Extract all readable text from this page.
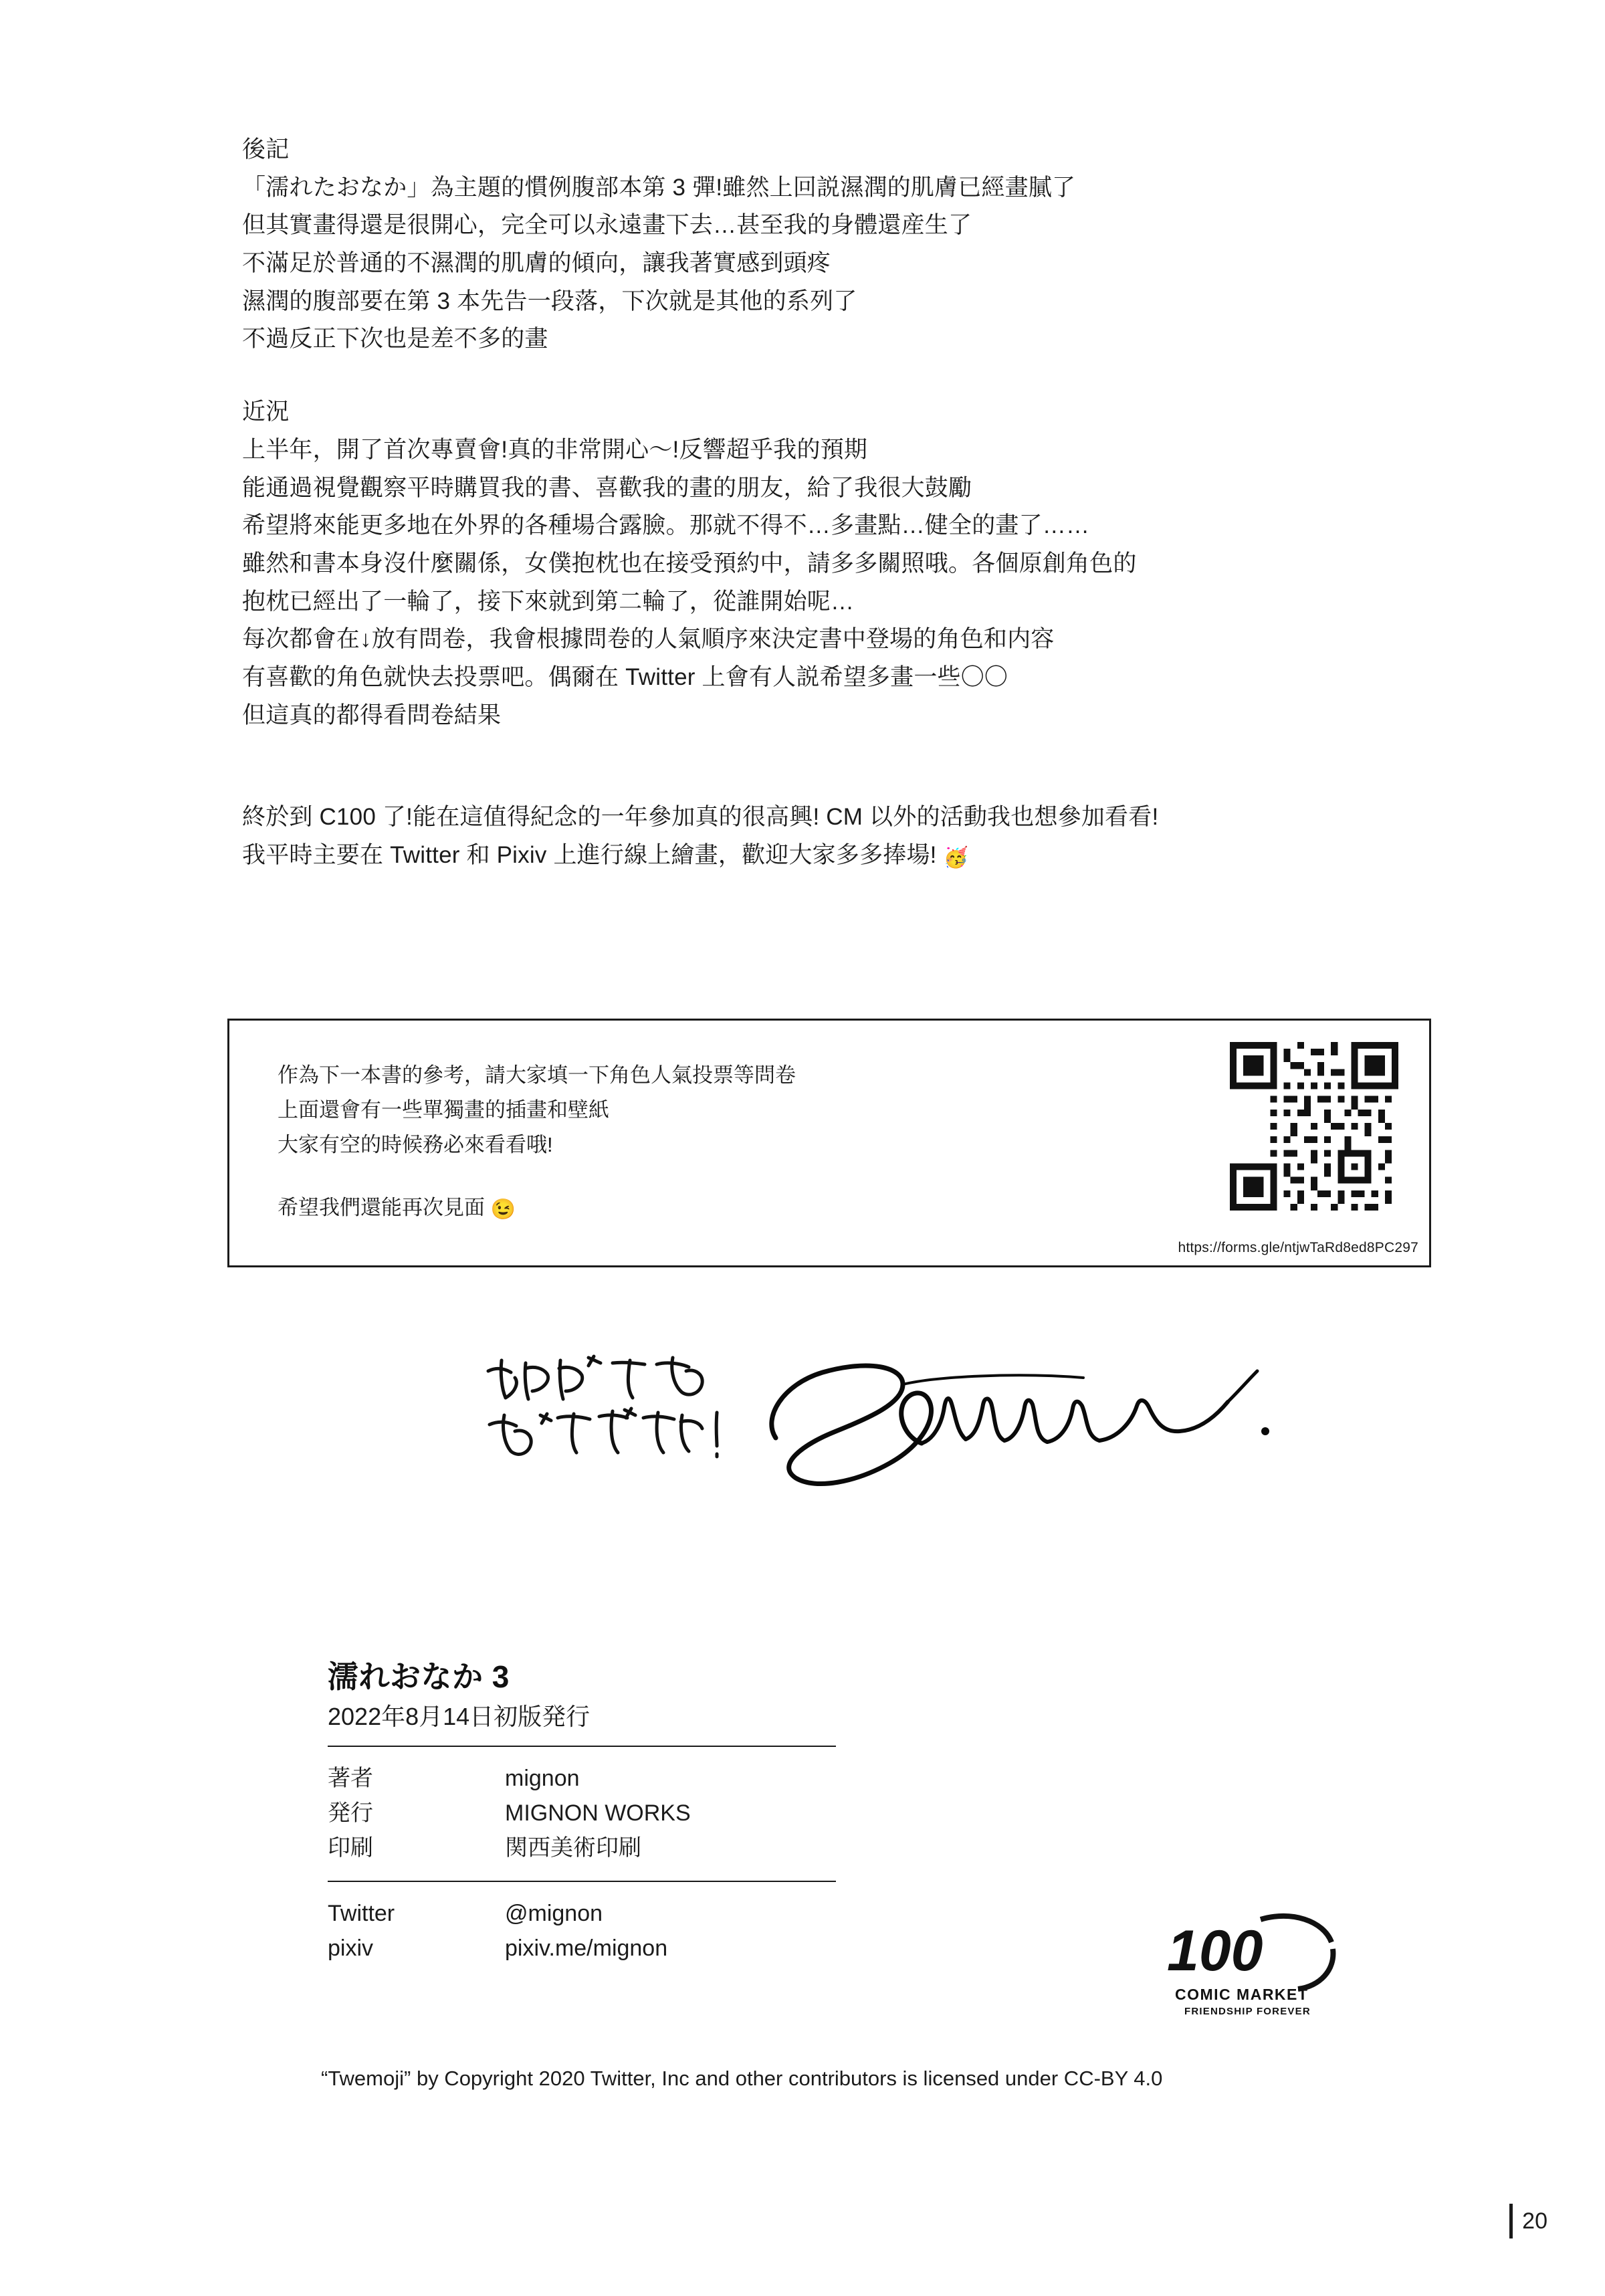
後記

「濡れたおなか」為主題的慣例腹部本第 3 彈!雖然上回説濕潤的肌膚已經畫膩了

但其實畫得還是很開心，完全可以永遠畫下去…甚至我的身體還産生了

不滿足於普通的不濕潤的肌膚的傾向，讓我著實感到頭疼

濕潤的腹部要在第 3 本先告一段落，下次就是其他的系列了

不過反正下次也是差不多的畫

近況

上半年，開了首次專賣會!真的非常開心～!反響超乎我的預期

能通過視覺觀察平時購買我的書、喜歡我的畫的朋友，給了我很大鼓勵

希望將來能更多地在外界的各種場合露臉。那就不得不…多畫點…健全的畫了……

雖然和書本身沒什麼關係，女僕抱枕也在接受預約中，請多多關照哦。各個原創角色的

抱枕已經出了一輪了，接下來就到第二輪了，從誰開始呢…

每次都會在↓放有問卷，我會根據問卷的人氣順序來決定書中登場的角色和内容

有喜歡的角色就快去投票吧。偶爾在 Twitter 上會有人説希望多畫一些〇〇

但這真的都得看問卷結果

終於到 C100 了!能在這值得紀念的一年參加真的很高興! CM 以外的活動我也想參加看看!

我平時主要在 Twitter 和 Pixiv 上進行線上繪畫，歡迎大家多多捧場! 🥳

作為下一本書的參考，請大家填一下角色人氣投票等問卷

上面還會有一些單獨畫的插畫和壁紙

大家有空的時候務必來看看哦!

希望我們還能再次見面 😉

https://forms.gle/ntjwTaRd8ed8PC297
濡れおなか 3
2022年8月14日初版発行
著者	mignon
発行	MIGNON WORKS
印刷	関西美術印刷
Twitter	@mignon
pixiv	pixiv.me/mignon	100
COMIC MARKET
FRIENDSHIP FOREVER
“Twemoji” by Copyright 2020 Twitter, Inc and other contributors is licensed under CC-BY 4.0
20
